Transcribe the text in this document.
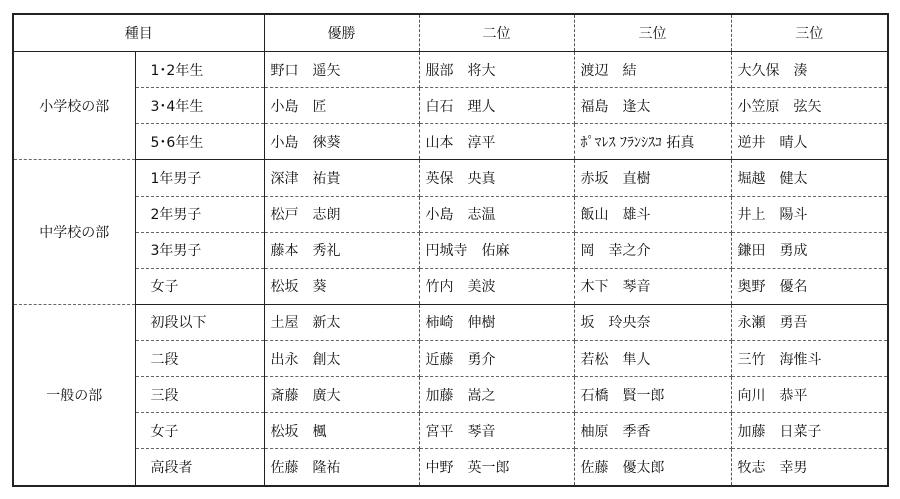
種目		優勝	二位	三位	三位
小学校の部	1･2年生	野口　遥矢	服部　将大	渡辺　結	大久保　湊
	3･4年生	小島　匠	白石　理人	福島　逢太	小笠原　弦矢
	5･6年生	小島　徠葵	山本　淳平	ﾎﾟﾏﾚｽ ﾌﾗﾝｼｽｺ 拓真	逆井　晴人
中学校の部	1年男子	深津　祐貴	英保　央真	赤坂　直樹	堀越　健太
	2年男子	松戸　志朗	小島　志温	飯山　雄斗	井上　陽斗
	3年男子	藤本　秀礼	円城寺　佑麻	岡　幸之介	鎌田　勇成
	女子	松坂　葵	竹内　美波	木下　琴音	奥野　優名
一般の部	初段以下	土屋　新太	柿崎　伸樹	坂　玲央奈	永瀬　勇吾
	二段	出永　創太	近藤　勇介	若松　隼人	三竹　海惟斗
	三段	斎藤　廣大	加藤　嵩之	石橋　賢一郎	向川　恭平
	女子	松坂　楓	宮平　琴音	柚原　季香	加藤　日菜子
	高段者	佐藤　隆祐	中野　英一郎	佐藤　優太郎	牧志　幸男
